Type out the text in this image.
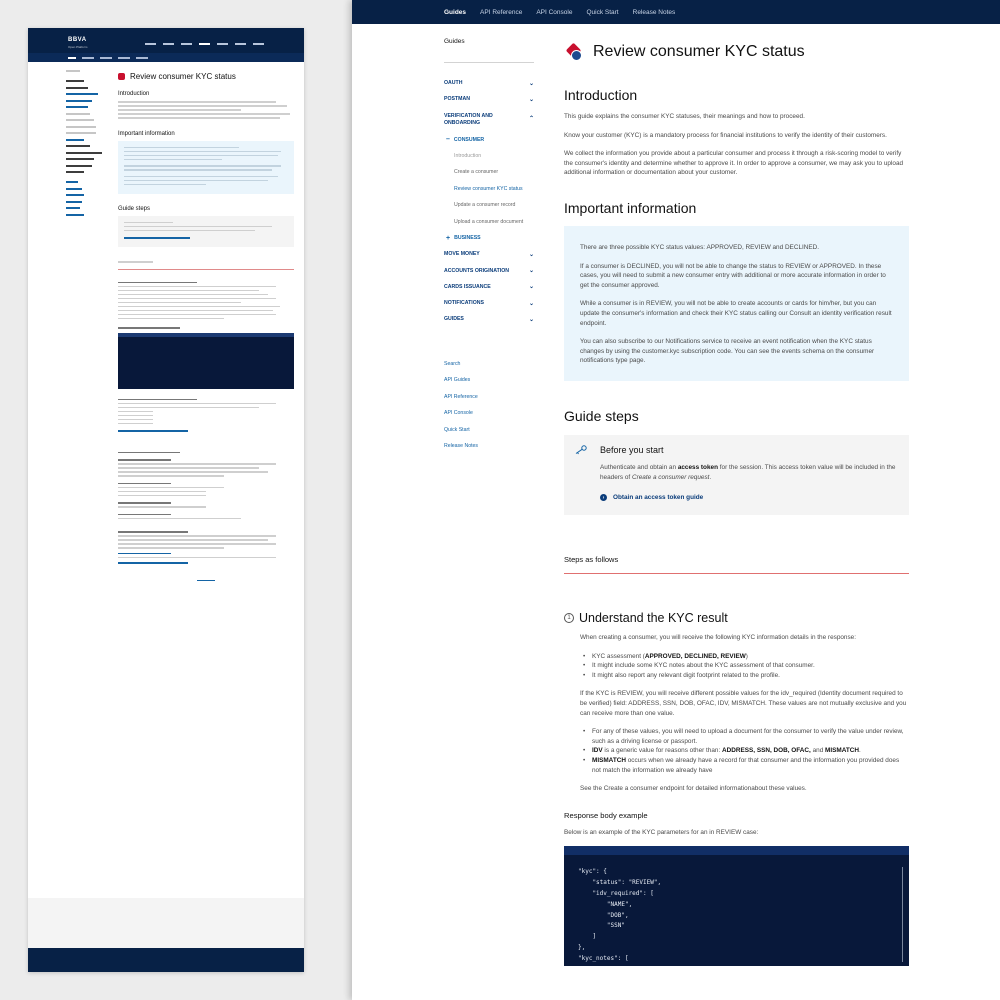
BBVA
Open Platform
Review consumer KYC status
Introduction
Important information
Guide steps
Guides API Reference API Console Quick Start Release Notes
Guides
OAUTH	⌄
POSTMAN	⌄
VERIFICATION AND ONBOARDING
⌃
– CONSUMER
Introduction
Create a consumer
Review consumer KYC status
Update a consumer record
Upload a consumer document
+ BUSINESS
MOVE MONEY	⌄
ACCOUNTS ORIGINATION	⌄
CARDS ISSUANCE	⌄
NOTIFICATIONS	⌄
GUIDES	⌄
Search
API Guides
API Reference
API Console
Quick Start
Release Notes
Review consumer KYC status
Introduction

This guide explains the consumer KYC statuses, their meanings and how to proceed.

Know your customer (KYC) is a mandatory process for financial institutions to verify the identity of their customers.

We collect the information you provide about a particular consumer and process it through a risk-scoring model to verify the consumer's identity and determine whether to approve it. In order to approve a consumer, we may ask you to upload additional information or documentation about your customer.

Important information

There are three possible KYC status values: APPROVED, REVIEW and DECLINED.

If a consumer is DECLINED, you will not be able to change the status to REVIEW or APPROVED. In these cases, you will need to submit a new consumer entry with additional or more accurate information in order to get the consumer approved.

While a consumer is in REVIEW, you will not be able to create accounts or cards for him/her, but you can update the consumer's information and check their KYC status calling our Consult an identity verification result endpoint.

You can also subscribe to our Notifications service to receive an event notification when the KYC status changes by using the customer.kyc subscription code. You can see the events schema on the consumer notifications type page.

Guide steps
Before you start

Authenticate and obtain an access token for the session. This access token value will be included in the headers of Create a consumer request.

›	Obtain an access token guide
Steps as follows
1 Understand the KYC result

When creating a consumer, you will receive the following KYC information details in the response:

• KYC assessment (APPROVED, DECLINED, REVIEW)
• It might include some KYC notes about the KYC assessment of that consumer.
• It might also report any relevant digit footprint related to the profile.

If the KYC is REVIEW, you will receive different possible values for the idv_required (Identity document required to be verified) field: ADDRESS, SSN, DOB, OFAC, IDV, MISMATCH. These values are not mutually exclusive and you can receive more than one value.

• For any of these values, you will need to upload a document for the consumer to verify the value under review, such as a driving license or passport.
• IDV is a generic value for reasons other than: ADDRESS, SSN, DOB, OFAC, and MISMATCH.
• MISMATCH occurs when we already have a record for that consumer and the information you provided does not match the information we already have

See the Create a consumer endpoint for detailed informationabout these values.

Response body example

Below is an example of the KYC parameters for an in REVIEW case:

"kyc": {
"status": "REVIEW",
"idv_required": [
"NAME",
"DOB",
"SSN"
]
},
"kyc_notes": [
